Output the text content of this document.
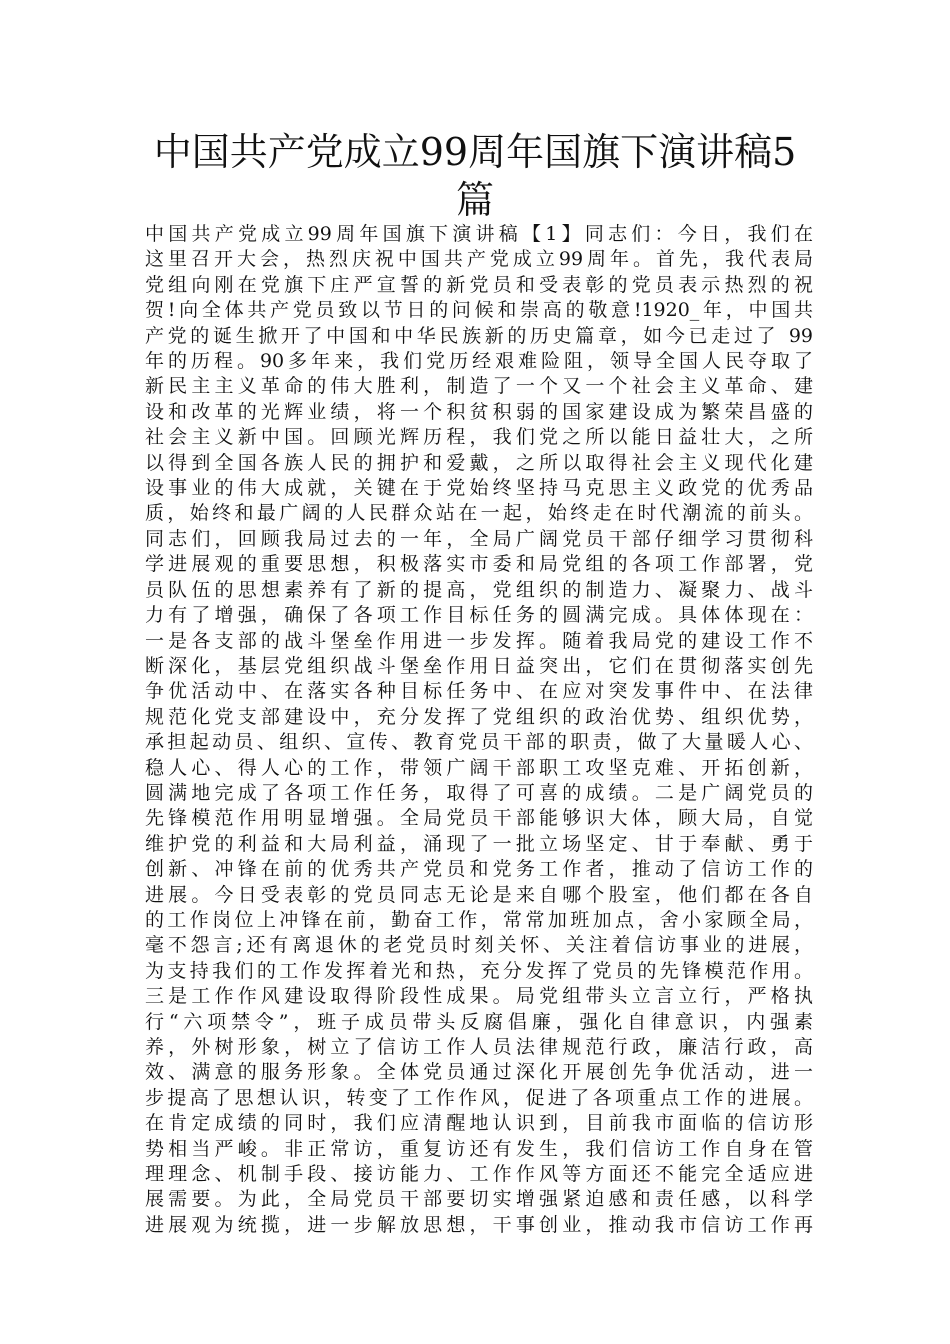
中国共产党成立99周年国旗下演讲稿5篇
中国共产党成立99周年国旗下演讲稿【1】同志们：今日，我们在
这里召开大会，热烈庆祝中国共产党成立99周年。首先，我代表局
党组向刚在党旗下庄严宣誓的新党员和受表彰的党员表示热烈的祝
贺!向全体共产党员致以节日的问候和崇高的敬意!1920_年，中国共
产党的诞生掀开了中国和中华民族新的历史篇章，如今已走过了 99
年的历程。90多年来，我们党历经艰难险阻，领导全国人民夺取了
新民主主义革命的伟大胜利，制造了一个又一个社会主义革命、建
设和改革的光辉业绩，将一个积贫积弱的国家建设成为繁荣昌盛的
社会主义新中国。回顾光辉历程，我们党之所以能日益壮大，之所
以得到全国各族人民的拥护和爱戴，之所以取得社会主义现代化建
设事业的伟大成就，关键在于党始终坚持马克思主义政党的优秀品
质，始终和最广阔的人民群众站在一起，始终走在时代潮流的前头。
同志们，回顾我局过去的一年，全局广阔党员干部仔细学习贯彻科
学进展观的重要思想，积极落实市委和局党组的各项工作部署，党
员队伍的思想素养有了新的提高，党组织的制造力、凝聚力、战斗
力有了增强，确保了各项工作目标任务的圆满完成。具体体现在：
一是各支部的战斗堡垒作用进一步发挥。随着我局党的建设工作不
断深化，基层党组织战斗堡垒作用日益突出，它们在贯彻落实创先
争优活动中、在落实各种目标任务中、在应对突发事件中、在法律
规范化党支部建设中，充分发挥了党组织的政治优势、组织优势，
承担起动员、组织、宣传、教育党员干部的职责，做了大量暖人心、
稳人心、得人心的工作，带领广阔干部职工攻坚克难、开拓创新，
圆满地完成了各项工作任务，取得了可喜的成绩。二是广阔党员的
先锋模范作用明显增强。全局党员干部能够识大体，顾大局，自觉
维护党的利益和大局利益，涌现了一批立场坚定、甘于奉献、勇于
创新、冲锋在前的优秀共产党员和党务工作者，推动了信访工作的
进展。今日受表彰的党员同志无论是来自哪个股室，他们都在各自
的工作岗位上冲锋在前，勤奋工作，常常加班加点，舍小家顾全局，
毫不怨言;还有离退休的老党员时刻关怀、关注着信访事业的进展，
为支持我们的工作发挥着光和热，充分发挥了党员的先锋模范作用。
三是工作作风建设取得阶段性成果。局党组带头立言立行，严格执
行“六项禁令”，班子成员带头反腐倡廉，强化自律意识，内强素
养，外树形象，树立了信访工作人员法律规范行政，廉洁行政，高
效、满意的服务形象。全体党员通过深化开展创先争优活动，进一
步提高了思想认识，转变了工作作风，促进了各项重点工作的进展。
在肯定成绩的同时，我们应清醒地认识到，目前我市面临的信访形
势相当严峻。非正常访，重复访还有发生，我们信访工作自身在管
理理念、机制手段、接访能力、工作作风等方面还不能完全适应进
展需要。为此，全局党员干部要切实增强紧迫感和责任感，以科学
进展观为统揽，进一步解放思想，干事创业，推动我市信访工作再
